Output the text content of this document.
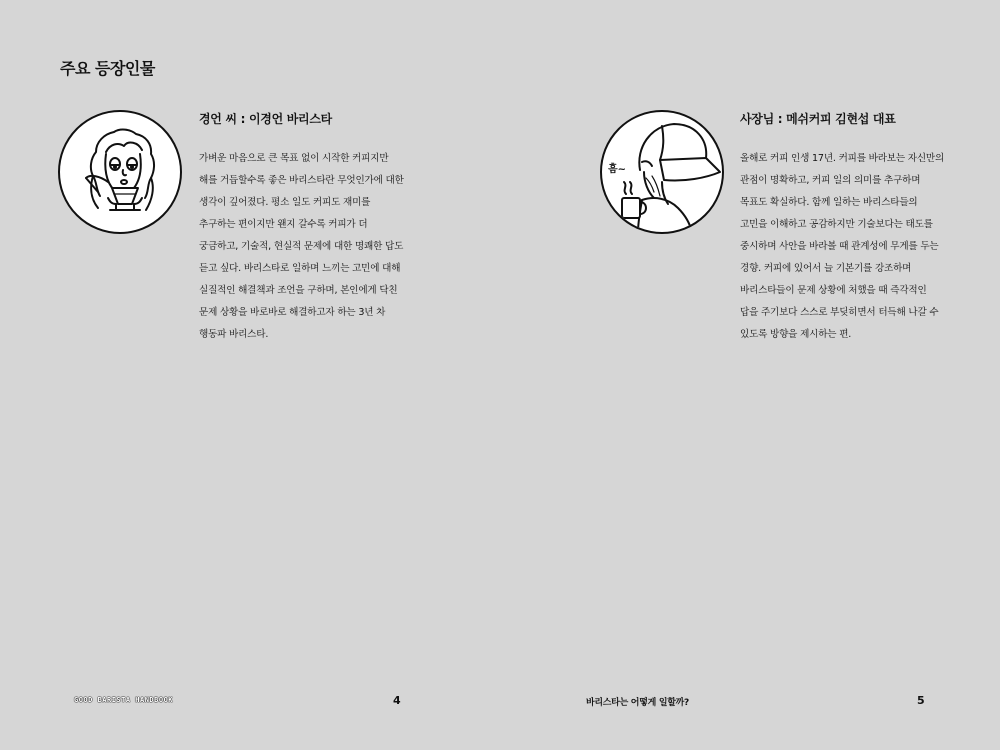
주요 등장인물
경언 씨 : 이경언 바리스타

가벼운 마음으로 큰 목표 없이 시작한 커피지만 해를 거듭할수록 좋은 바리스타란 무엇인가에 대한 생각이 깊어졌다. 평소 일도 커피도 재미를 추구하는 편이지만 왠지 갈수록 커피가 더 궁금하고, 기술적, 현실적 문제에 대한 명쾌한 답도 듣고 싶다. 바리스타로 일하며 느끼는 고민에 대해 실질적인 해결책과 조언을 구하며, 본인에게 닥친 문제 상황을 바로바로 해결하고자 하는 3년 차 행동파 바리스타.

GOOD BARISTA HANDBOOK	4
흠~
사장님 : 메쉬커피 김현섭 대표

올해로 커피 인생 17년. 커피를 바라보는 자신만의 관점이 명확하고, 커피 일의 의미를 추구하며 목표도 확실하다. 함께 일하는 바리스타들의 고민을 이해하고 공감하지만 기술보다는 태도를 중시하며 사안을 바라볼 때 관계성에 무게를 두는 경향. 커피에 있어서 늘 기본기를 강조하며 바리스타들이 문제 상황에 처했을 때 즉각적인 답을 주기보다 스스로 부딪히면서 터득해 나갈 수 있도록 방향을 제시하는 편.

바리스타는 어떻게 일할까?	5
